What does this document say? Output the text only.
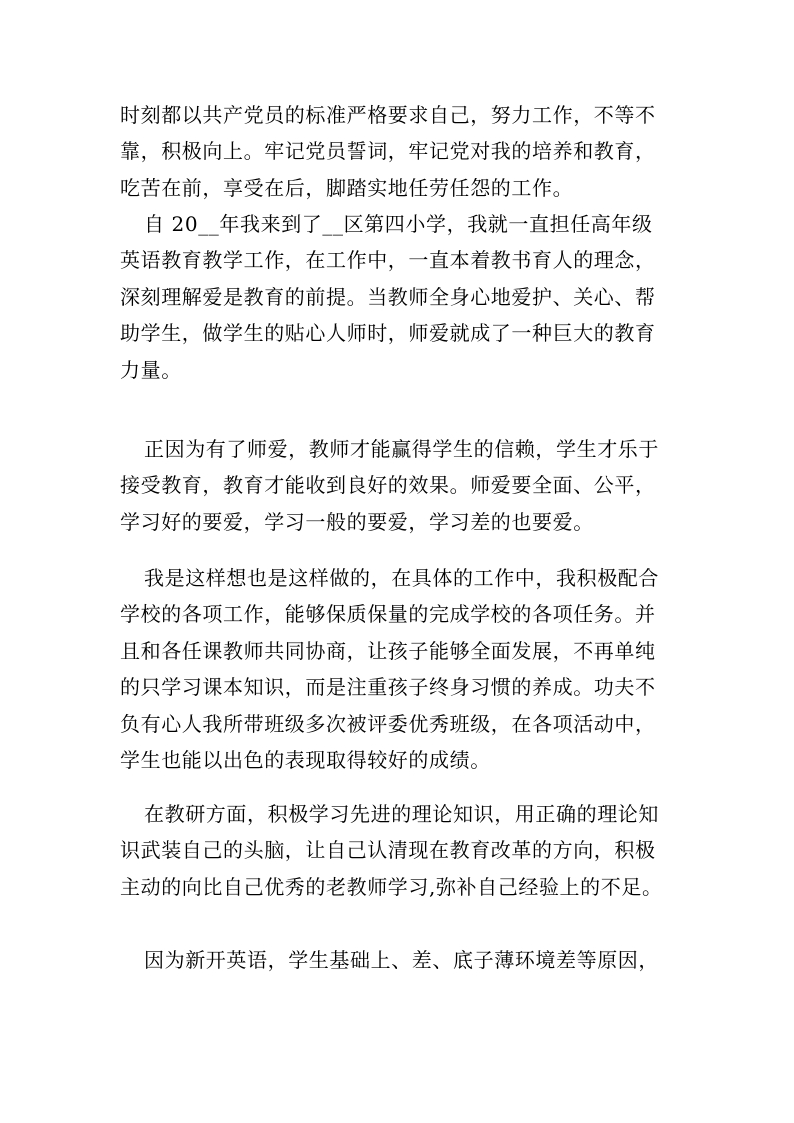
时刻都以共产党员的标准严格要求自己，努力工作，不等不
靠，积极向上。牢记党员誓词，牢记党对我的培养和教育，
吃苦在前，享受在后，脚踏实地任劳任怨的工作。
自 20__年我来到了__区第四小学，我就一直担任高年级
英语教育教学工作，在工作中，一直本着教书育人的理念，
深刻理解爱是教育的前提。当教师全身心地爱护、关心、帮
助学生，做学生的贴心人师时，师爱就成了一种巨大的教育
力量。
正因为有了师爱，教师才能赢得学生的信赖，学生才乐于
接受教育，教育才能收到良好的效果。师爱要全面、公平，
学习好的要爱，学习一般的要爱，学习差的也要爱。
我是这样想也是这样做的，在具体的工作中，我积极配合
学校的各项工作，能够保质保量的完成学校的各项任务。并
且和各任课教师共同协商，让孩子能够全面发展，不再单纯
的只学习课本知识，而是注重孩子终身习惯的养成。功夫不
负有心人我所带班级多次被评委优秀班级，在各项活动中，
学生也能以出色的表现取得较好的成绩。
在教研方面，积极学习先进的理论知识，用正确的理论知
识武装自己的头脑，让自己认清现在教育改革的方向，积极
主动的向比自己优秀的老教师学习,弥补自己经验上的不足。
因为新开英语，学生基础上、差、底子薄环境差等原因，
